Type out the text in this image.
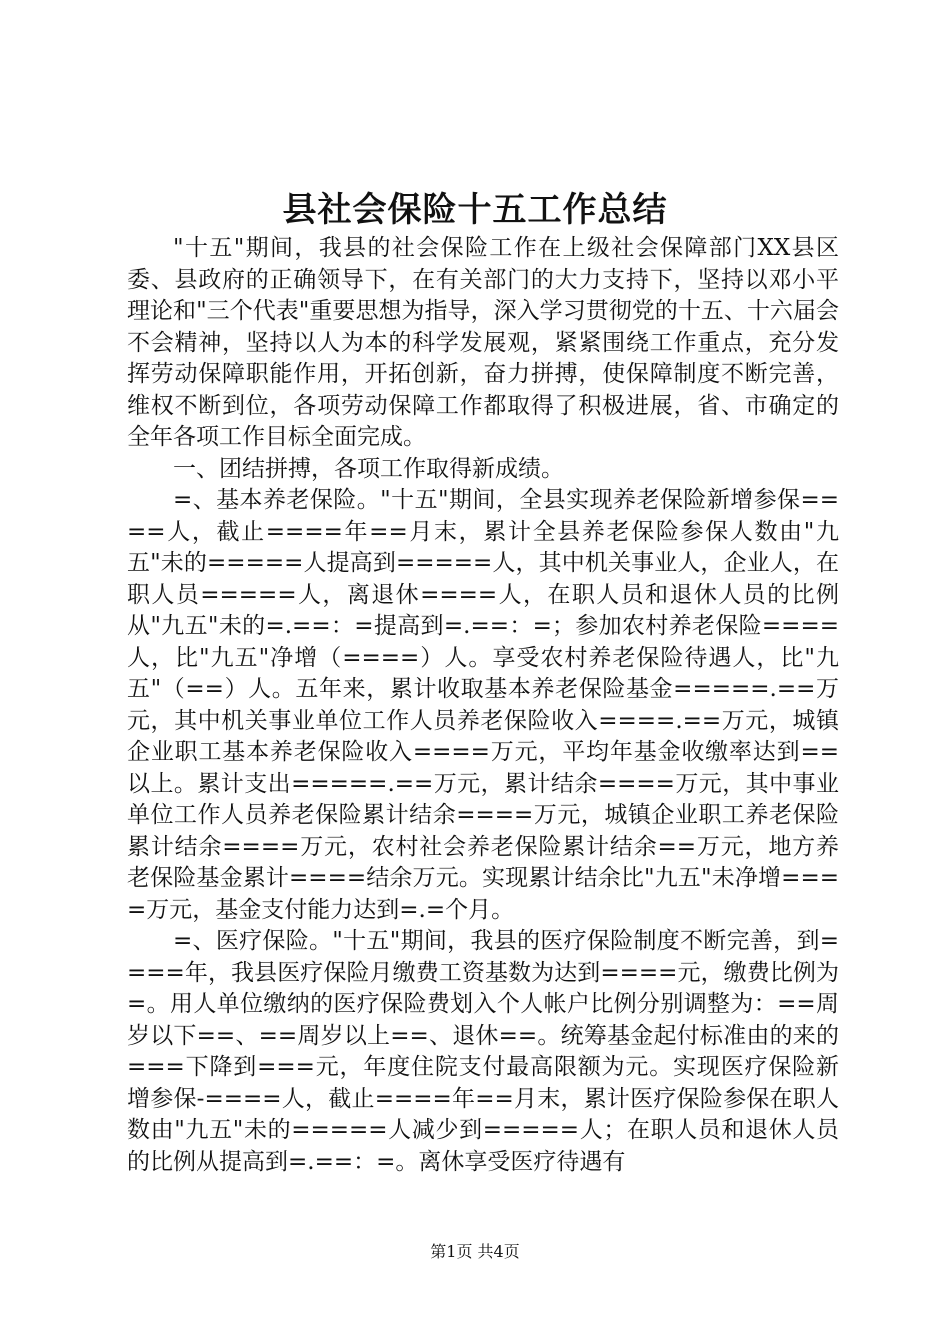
县社会保险十五工作总结

"十五"期间，我县的社会保险工作在上级社会保障部门XX县区委、县政府的正确领导下，在有关部门的大力支持下，坚持以邓小平理论和"三个代表"重要思想为指导，深入学习贯彻党的十五、十六届会不会精神，坚持以人为本的科学发展观，紧紧围绕工作重点，充分发挥劳动保障职能作用，开拓创新，奋力拼搏，使保障制度不断完善，维权不断到位，各项劳动保障工作都取得了积极进展，省、市确定的全年各项工作目标全面完成。

一、团结拼搏，各项工作取得新成绩。

=、基本养老保险。"十五"期间，全县实现养老保险新增参保====人，截止====年==月末，累计全县养老保险参保人数由"九五"未的=====人提高到=====人，其中机关事业人，企业人，在职人员=====人，离退休====人，在职人员和退休人员的比例从"九五"未的=.==：=提高到=.==：=；参加农村养老保险====人，比"九五"净增（====）人。享受农村养老保险待遇人，比"九五"（==）人。五年来，累计收取基本养老保险基金=====.==万元，其中机关事业单位工作人员养老保险收入====.==万元，城镇企业职工基本养老保险收入====万元，平均年基金收缴率达到==以上。累计支出=====.==万元，累计结余====万元，其中事业单位工作人员养老保险累计结余====万元，城镇企业职工养老保险累计结余====万元，农村社会养老保险累计结余==万元，地方养老保险基金累计====结余万元。实现累计结余比"九五"未净增====万元，基金支付能力达到=.=个月。

=、医疗保险。"十五"期间，我县的医疗保险制度不断完善，到====年，我县医疗保险月缴费工资基数为达到====元，缴费比例为=。用人单位缴纳的医疗保险费划入个人帐户比例分别调整为：==周岁以下==、==周岁以上==、退休==。统筹基金起付标准由的来的===下降到===元，年度住院支付最高限额为元。实现医疗保险新增参保-====人，截止====年==月末，累计医疗保险参保在职人数由"九五"未的=====人减少到=====人；在职人员和退休人员的比例从提高到=.==：=。离休享受医疗待遇有

第1页 共4页
